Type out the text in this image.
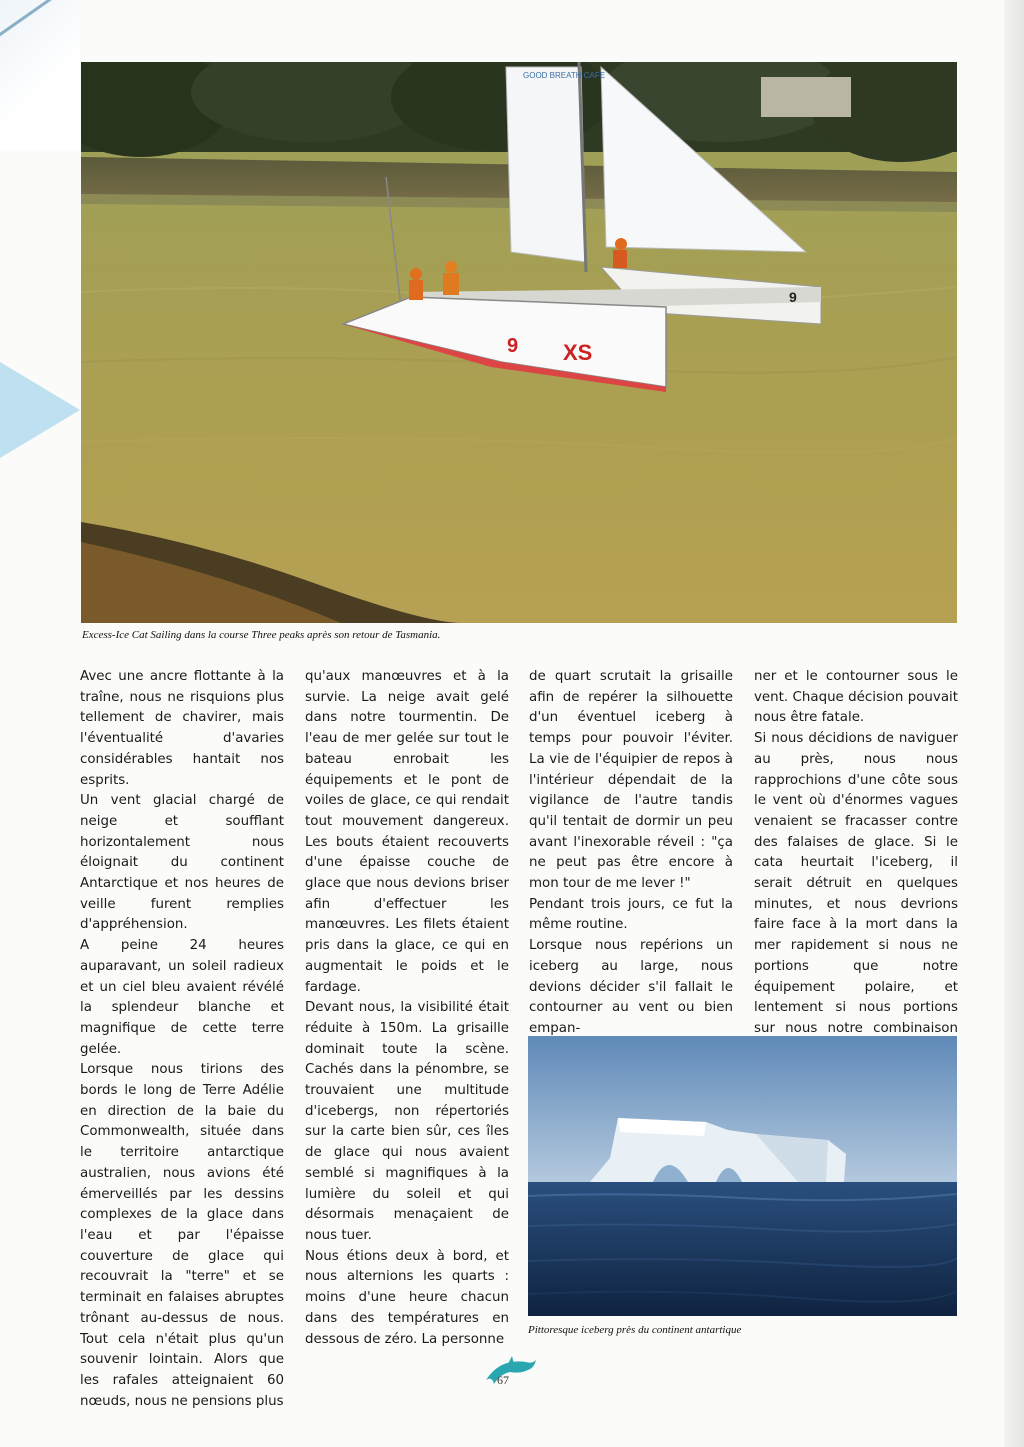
9 XS
9
GOOD BREATH CAFE
Excess-Ice Cat Sailing dans la course Three peaks après son retour de Tasmania.

Avec une ancre flottante à la traîne, nous ne risquions plus tellement de chavirer, mais l'éventualité d'avaries considérables hantait nos esprits.

Un vent glacial chargé de neige et soufflant horizontalement nous éloignait du continent Antarctique et nos heures de veille furent remplies d'appréhension.

A peine 24 heures auparavant, un soleil radieux et un ciel bleu avaient révélé la splendeur blanche et magnifique de cette terre gelée.

Lorsque nous tirions des bords le long de Terre Adélie en direction de la baie du Commonwealth, située dans le territoire antarctique australien, nous avions été émerveillés par les dessins complexes de la glace dans l'eau et par l'épaisse couverture de glace qui recouvrait la "terre" et se terminait en falaises abruptes trônant au-dessus de nous. Tout cela n'était plus qu'un souvenir lointain. Alors que les rafales atteignaient 60 nœuds, nous ne pensions plus

qu'aux manœuvres et à la survie. La neige avait gelé dans notre tourmentin. De l'eau de mer gelée sur tout le bateau enrobait les équipements et le pont de voiles de glace, ce qui rendait tout mouvement dangereux. Les bouts étaient recouverts d'une épaisse couche de glace que nous devions briser afin d'effectuer les manœuvres. Les filets étaient pris dans la glace, ce qui en augmentait le poids et le fardage.

Devant nous, la visibilité était réduite à 150m. La grisaille dominait toute la scène. Cachés dans la pénombre, se trouvaient une multitude d'icebergs, non répertoriés sur la carte bien sûr, ces îles de glace qui nous avaient semblé si magnifiques à la lumière du soleil et qui désormais menaçaient de nous tuer.

Nous étions deux à bord, et nous alternions les quarts : moins d'une heure chacun dans des températures en dessous de zéro. La personne

de quart scrutait la grisaille afin de repérer la silhouette d'un éventuel iceberg à temps pour pouvoir l'éviter. La vie de l'équipier de repos à l'intérieur dépendait de la vigilance de l'autre tandis qu'il tentait de dormir un peu avant l'inexorable réveil : "ça ne peut pas être encore à mon tour de me lever !"

Pendant trois jours, ce fut la même routine.

Lorsque nous repérions un iceberg au large, nous devions décider s'il fallait le contourner au vent ou bien empan-

ner et le contourner sous le vent. Chaque décision pouvait nous être fatale.

Si nous décidions de naviguer au près, nous nous rapprochions d'une côte sous le vent où d'énormes vagues venaient se fracasser contre des falaises de glace. Si le cata heurtait l'iceberg, il serait détruit en quelques minutes, et nous devrions faire face à la mort dans la mer rapidement si nous ne portions que notre équipement polaire, et lentement si nous portions sur nous notre combinaison

Pittoresque iceberg près du continent antartique
67
